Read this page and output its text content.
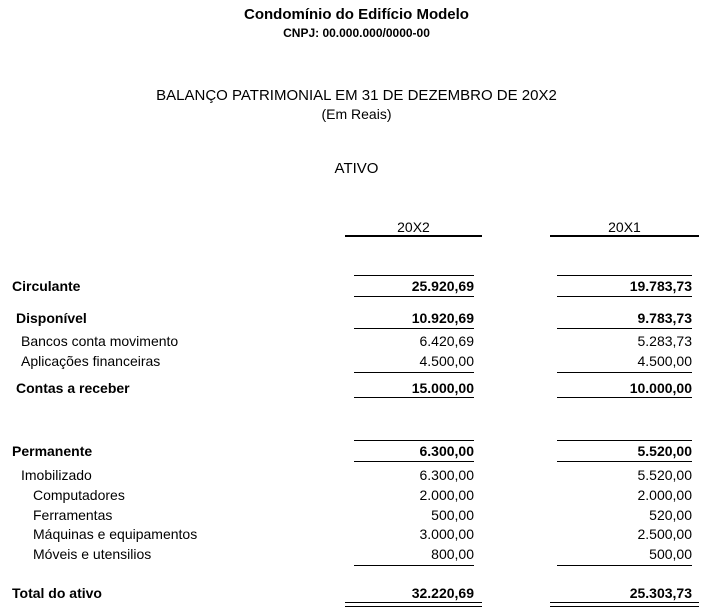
Condomínio do Edifício Modelo
CNPJ: 00.000.000/0000-00
BALANÇO PATRIMONIAL EM 31 DE DEZEMBRO DE 20X2
(Em Reais)
ATIVO
20X2	20X1
Circulante	25.920,69	19.783,73
Disponível	10.920,69	9.783,73
Bancos conta movimento	6.420,69	5.283,73
Aplicações financeiras	4.500,00	4.500,00
Contas a receber	15.000,00	10.000,00
Permanente	6.300,00	5.520,00
Imobilizado	6.300,00	5.520,00
Computadores	2.000,00	2.000,00
Ferramentas	500,00	520,00
Máquinas e equipamentos	3.000,00	2.500,00
Móveis e utensilios	800,00	500,00
Total do ativo	32.220,69	25.303,73
